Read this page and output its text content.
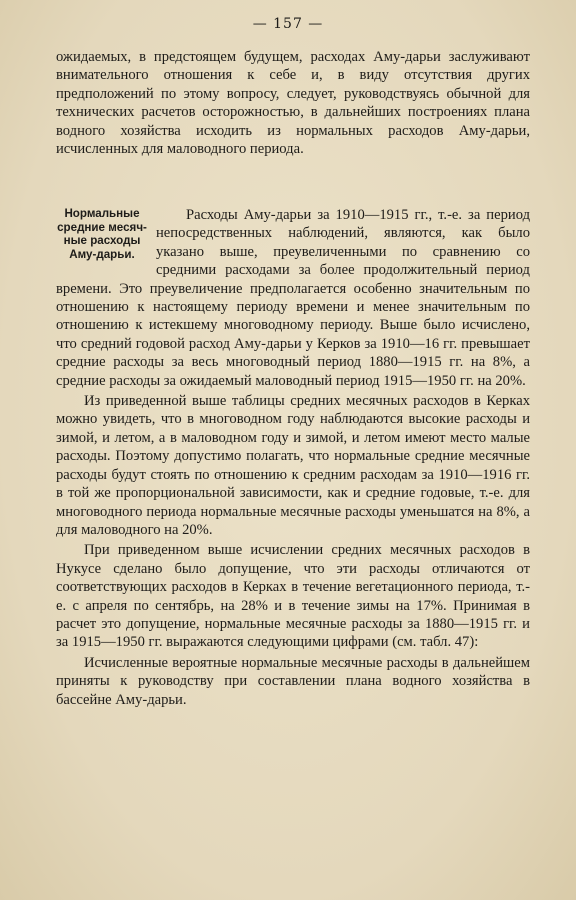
— 157 —

ожидаемых, в предстоящем будущем, расходах Аму-дарьи заслуживают внимательного отношения к себе и, в виду отсутствия других предположений по этому вопросу, следует, руководствуясь обычной для технических расчетов осторожностью, в дальнейших построениях плана водного хозяйства исходить из нормальных расходов Аму-дарьи, исчисленных для маловодного периода.

Нормальные
средние месяч-
ные расходы
Аму-дарьи.

Расходы Аму-дарьи за 1910—1915 гг., т.-е. за период непосредственных наблюдений, являются, как было указано выше, преувеличенными по сравнению со средними расходами за более продолжительный период времени. Это преувеличение предполагается особенно значительным по отношению к настоящему периоду времени и менее значительным по отношению к истекшему многоводному периоду. Выше было исчислено, что средний годовой расход Аму-дарьи у Керков за 1910—16 гг. превышает средние расходы за весь многоводный период 1880—1915 гг. на 8%, а средние расходы за ожидаемый маловодный период 1915—1950 гг. на 20%.

Из приведенной выше таблицы средних месячных расходов в Керках можно увидеть, что в многоводном году наблюдаются высокие расходы и зимой, и летом, а в маловодном году и зимой, и летом имеют место малые расходы. Поэтому допустимо полагать, что нормальные средние месячные расходы будут стоять по отношению к средним расходам за 1910—1916 гг. в той же пропорциональной зависимости, как и средние годовые, т.-е. для многоводного периода нормальные месячные расходы уменьшатся на 8%, а для маловодного на 20%.

При приведенном выше исчислении средних месячных расходов в Нукусе сделано было допущение, что эти расходы отличаются от соответствующих расходов в Керках в течение вегетационного периода, т.-е. с апреля по сентябрь, на 28% и в течение зимы на 17%. Принимая в расчет это допущение, нормальные месячные расходы за 1880—1915 гг. и за 1915—1950 гг. выражаются следующими цифрами (см. табл. 47):

Исчисленные вероятные нормальные месячные расходы в дальнейшем приняты к руководству при составлении плана водного хозяйства в бассейне Аму-дарьи.
